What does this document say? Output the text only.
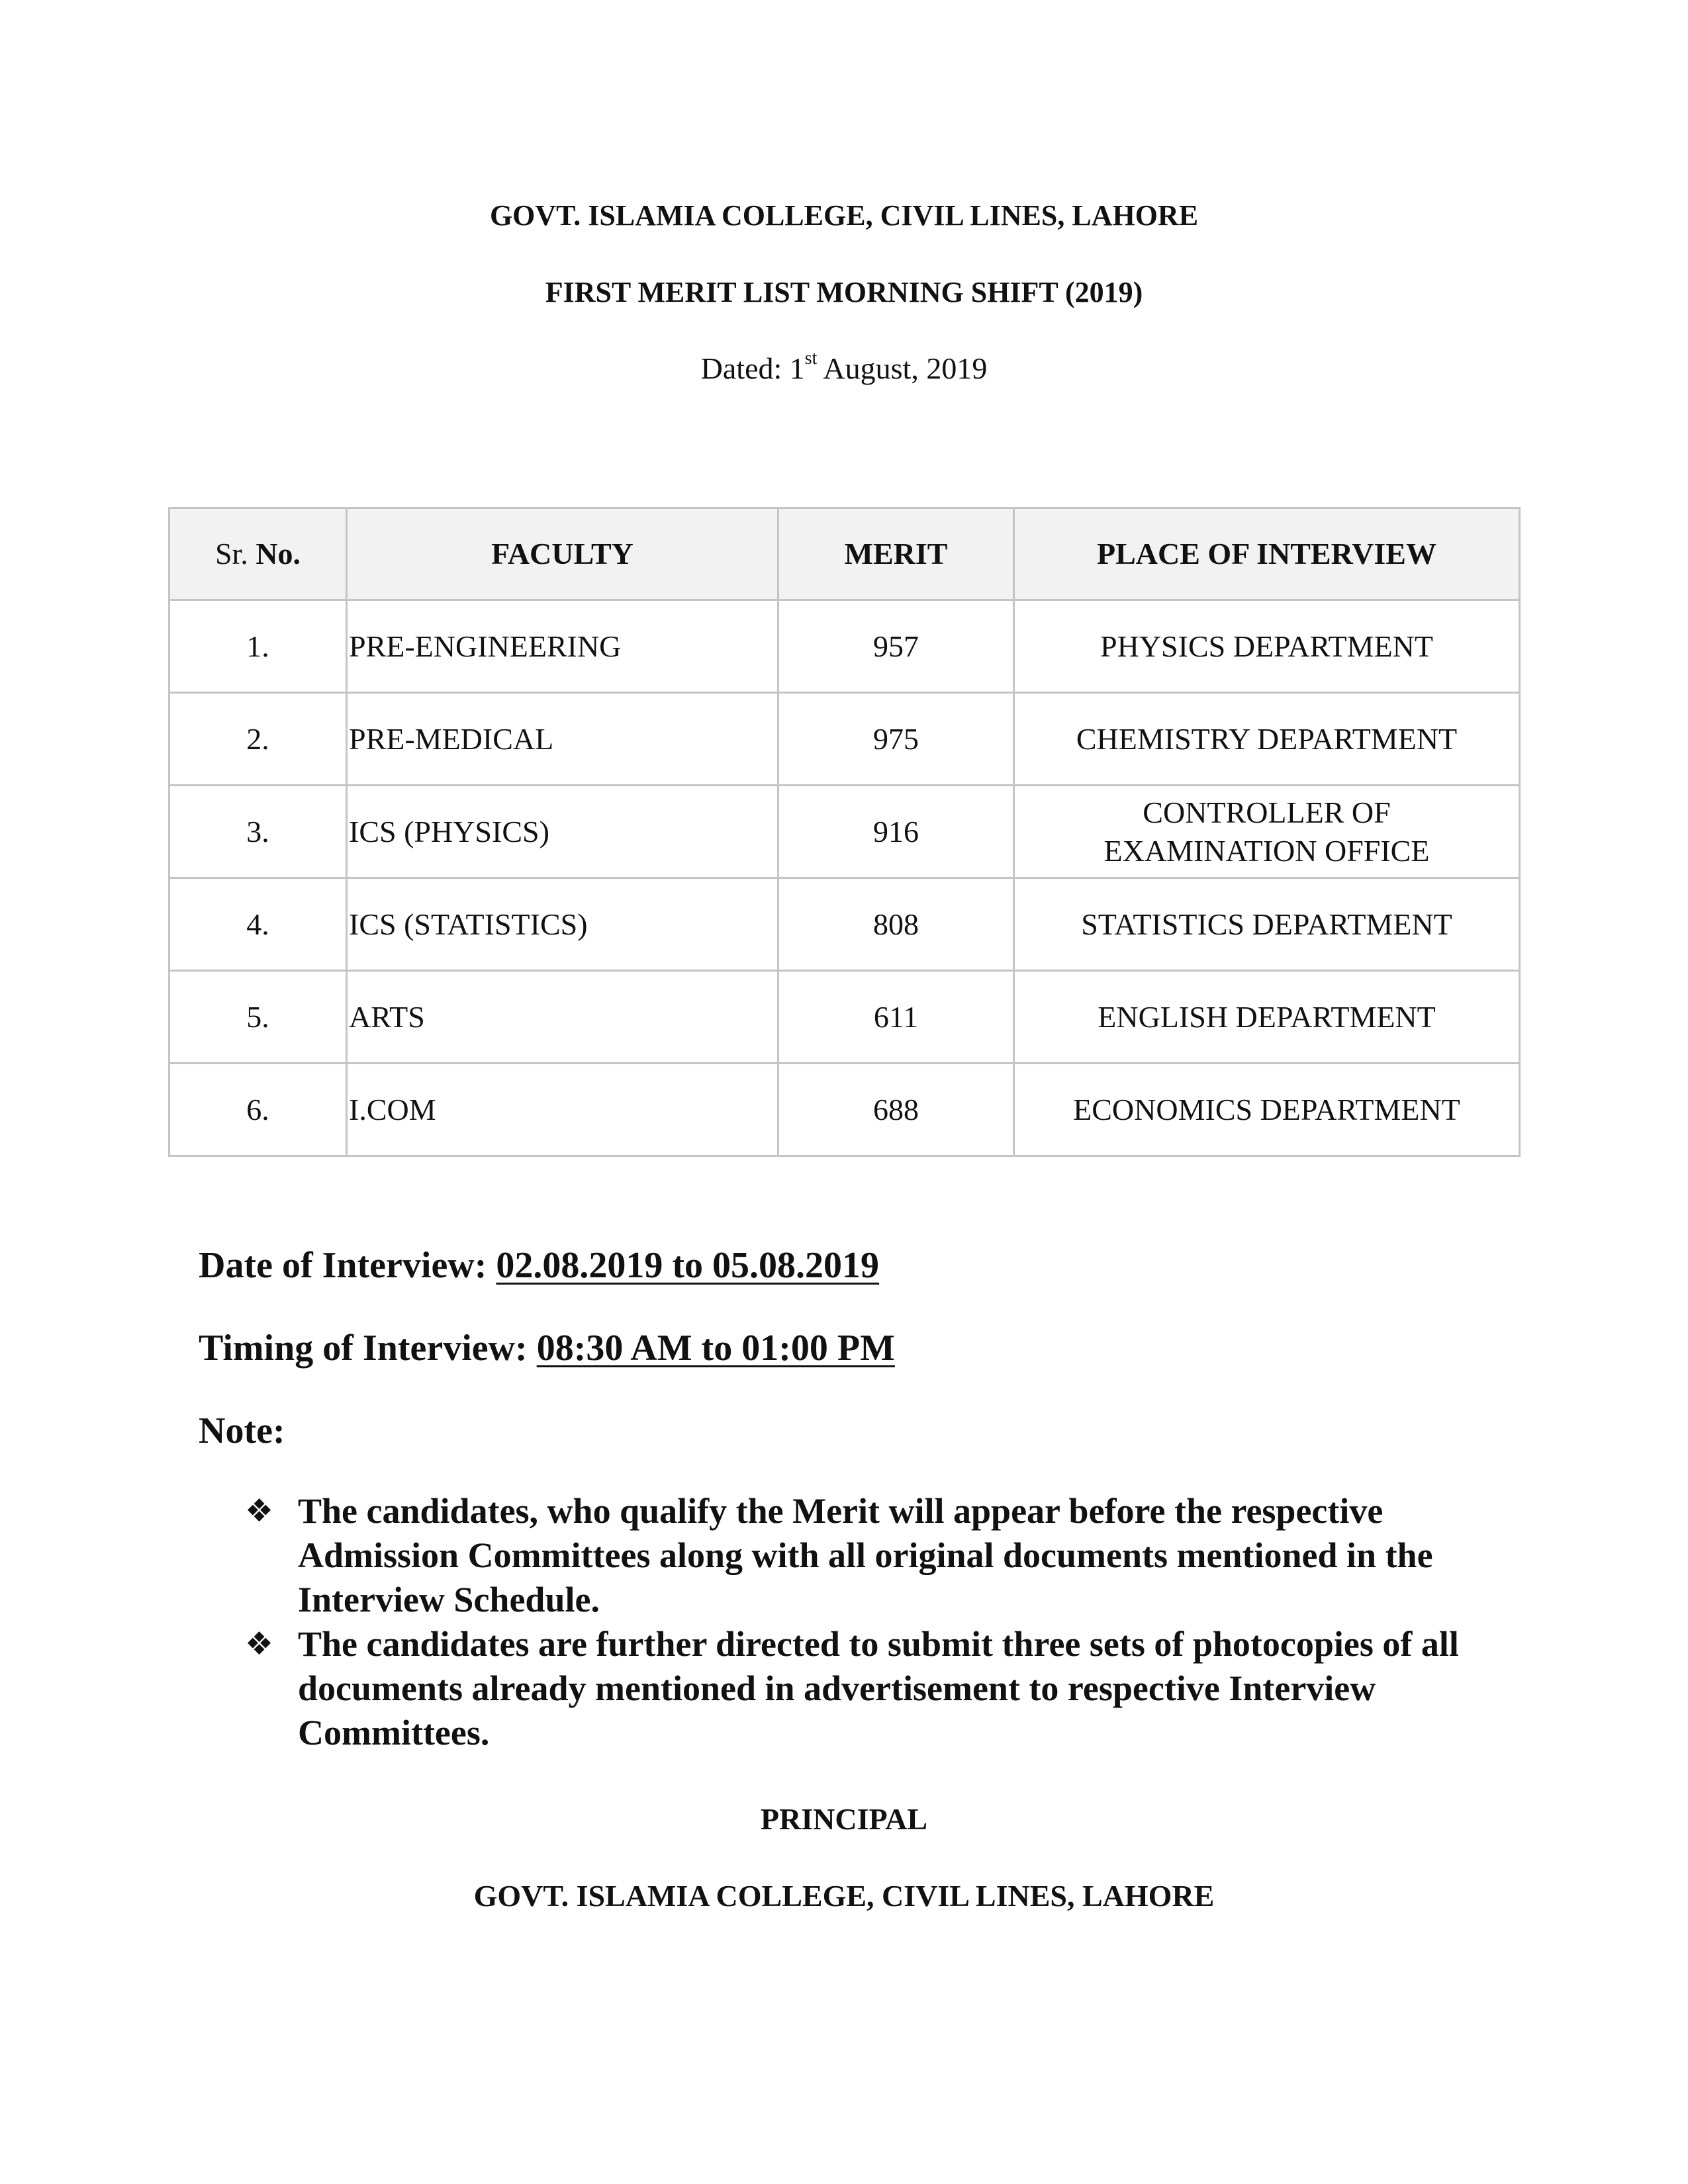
GOVT. ISLAMIA COLLEGE, CIVIL LINES, LAHORE
FIRST MERIT LIST MORNING SHIFT (2019)
Dated: 1st August, 2019
Sr. No.	FACULTY	MERIT	PLACE OF INTERVIEW
1.	PRE-ENGINEERING	957	PHYSICS DEPARTMENT
2.	PRE-MEDICAL	975	CHEMISTRY DEPARTMENT
3.	ICS (PHYSICS)	916	CONTROLLER OF
EXAMINATION OFFICE
4.	ICS (STATISTICS)	808	STATISTICS DEPARTMENT
5.	ARTS	611	ENGLISH DEPARTMENT
6.	I.COM	688	ECONOMICS DEPARTMENT
Date of Interview: 02.08.2019 to 05.08.2019
Timing of Interview: 08:30 AM to 01:00 PM
Note:
❖ The candidates, who qualify the Merit will appear before the respective Admission Committees along with all original documents mentioned in the Interview Schedule.
❖ The candidates are further directed to submit three sets of photocopies of all documents already mentioned in advertisement to respective Interview Committees.
PRINCIPAL
GOVT. ISLAMIA COLLEGE, CIVIL LINES, LAHORE
